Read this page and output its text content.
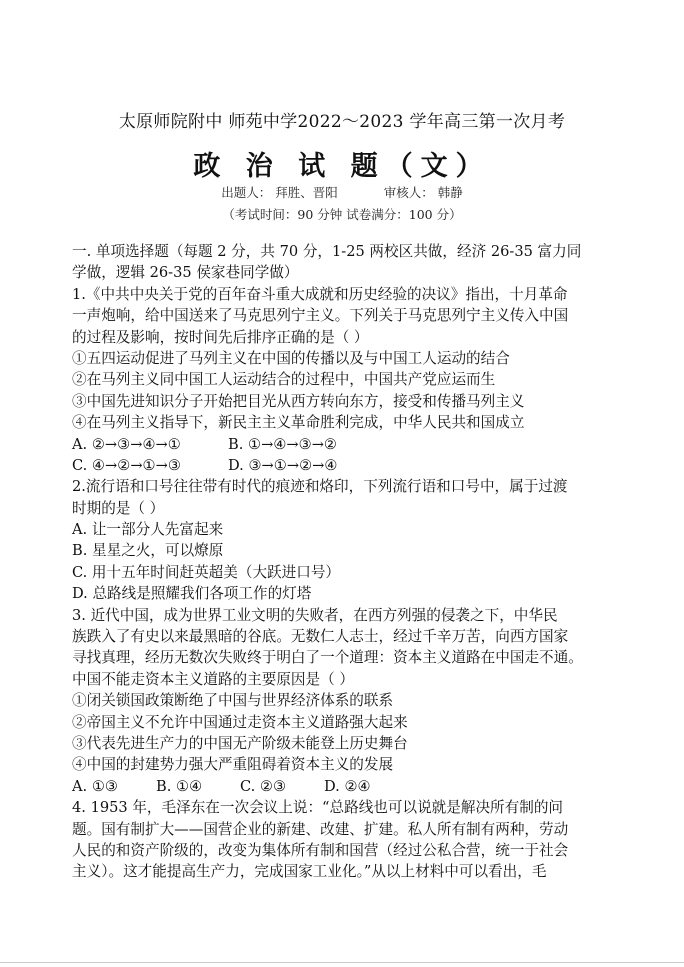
太原师院附中 师苑中学2022～2023 学年高三第一次月考
政 治 试 题（文）
出题人： 拜胜、晋阳	审核人： 韩静
（考试时间：90 分钟 试卷满分：100 分）
一. 单项选择题（每题 2 分，共 70 分，1-25 两校区共做，经济 26-35 富力同
学做，逻辑 26-35 侯家巷同学做）
1.《中共中央关于党的百年奋斗重大成就和历史经验的决议》指出，十月革命
一声炮响，给中国送来了马克思列宁主义。下列关于马克思列宁主义传入中国
的过程及影响，按时间先后排序正确的是（ ）
①五四运动促进了马列主义在中国的传播以及与中国工人运动的结合
②在马列主义同中国工人运动结合的过程中，中国共产党应运而生
③中国先进知识分子开始把目光从西方转向东方，接受和传播马列主义
④在马列主义指导下，新民主主义革命胜利完成，中华人民共和国成立
A. ②→③→④→①	B. ①→④→③→②
C. ④→②→①→③	D. ③→①→②→④
2.流行语和口号往往带有时代的痕迹和烙印，下列流行语和口号中，属于过渡
时期的是（ ）
A. 让一部分人先富起来
B. 星星之火，可以燎原
C. 用十五年时间赶英超美（大跃进口号）
D. 总路线是照耀我们各项工作的灯塔
3. 近代中国，成为世界工业文明的失败者，在西方列强的侵袭之下，中华民
族跌入了有史以来最黑暗的谷底。无数仁人志士，经过千辛万苦，向西方国家
寻找真理，经历无数次失败终于明白了一个道理：资本主义道路在中国走不通。
中国不能走资本主义道路的主要原因是（ ）
①闭关锁国政策断绝了中国与世界经济体系的联系
②帝国主义不允许中国通过走资本主义道路强大起来
③代表先进生产力的中国无产阶级未能登上历史舞台
④中国的封建势力强大严重阻碍着资本主义的发展
A. ①③	B. ①④	C. ②③	D. ②④
4. 1953 年，毛泽东在一次会议上说：“总路线也可以说就是解决所有制的问
题。国有制扩大——国营企业的新建、改建、扩建。私人所有制有两种，劳动
人民的和资产阶级的，改变为集体所有制和国营（经过公私合营，统一于社会
主义）。这才能提高生产力，完成国家工业化。”从以上材料中可以看出，毛
